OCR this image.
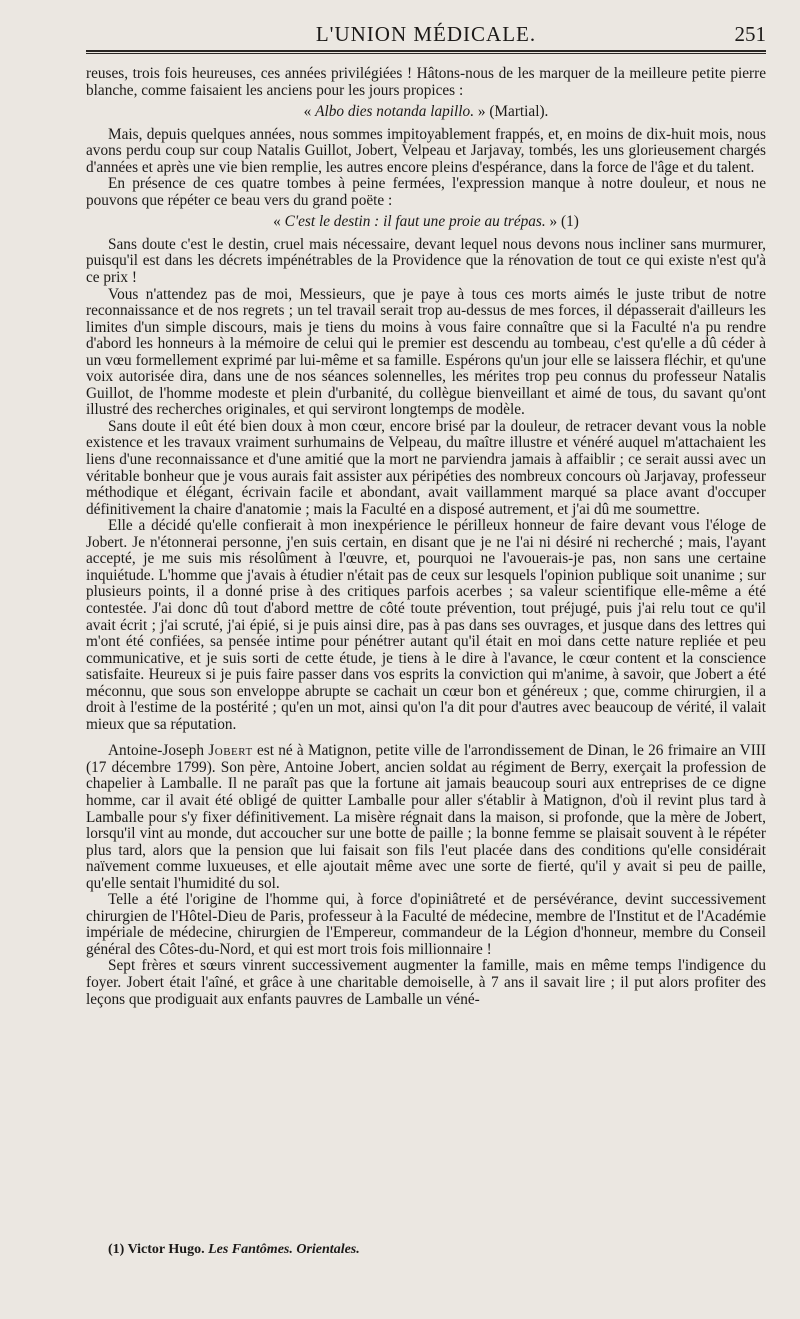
L'UNION MÉDICALE.	251

reuses, trois fois heureuses, ces années privilégiées ! Hâtons-nous de les marquer de la meilleure petite pierre blanche, comme faisaient les anciens pour les jours propices :

« Albo dies notanda lapillo. » (Martial).

Mais, depuis quelques années, nous sommes impitoyablement frappés, et, en moins de dix-huit mois, nous avons perdu coup sur coup Natalis Guillot, Jobert, Velpeau et Jarjavay, tombés, les uns glorieusement chargés d'années et après une vie bien remplie, les autres encore pleins d'espérance, dans la force de l'âge et du talent.

En présence de ces quatre tombes à peine fermées, l'expression manque à notre douleur, et nous ne pouvons que répéter ce beau vers du grand poëte :

« C'est le destin : il faut une proie au trépas. » (1)

Sans doute c'est le destin, cruel mais nécessaire, devant lequel nous devons nous incliner sans murmurer, puisqu'il est dans les décrets impénétrables de la Providence que la rénovation de tout ce qui existe n'est qu'à ce prix !

Vous n'attendez pas de moi, Messieurs, que je paye à tous ces morts aimés le juste tribut de notre reconnaissance et de nos regrets ; un tel travail serait trop au-dessus de mes forces, il dépasserait d'ailleurs les limites d'un simple discours, mais je tiens du moins à vous faire connaître que si la Faculté n'a pu rendre d'abord les honneurs à la mémoire de celui qui le premier est descendu au tombeau, c'est qu'elle a dû céder à un vœu formellement exprimé par lui-même et sa famille. Espérons qu'un jour elle se laissera fléchir, et qu'une voix autorisée dira, dans une de nos séances solennelles, les mérites trop peu connus du professeur Natalis Guillot, de l'homme modeste et plein d'urbanité, du collègue bienveillant et aimé de tous, du savant qu'ont illustré des recherches originales, et qui serviront longtemps de modèle.

Sans doute il eût été bien doux à mon cœur, encore brisé par la douleur, de retracer devant vous la noble existence et les travaux vraiment surhumains de Velpeau, du maître illustre et vénéré auquel m'attachaient les liens d'une reconnaissance et d'une amitié que la mort ne parviendra jamais à affaiblir ; ce serait aussi avec un véritable bonheur que je vous aurais fait assister aux péripéties des nombreux concours où Jarjavay, professeur méthodique et élégant, écrivain facile et abondant, avait vaillamment marqué sa place avant d'occuper définitivement la chaire d'anatomie ; mais la Faculté en a disposé autrement, et j'ai dû me soumettre.

Elle a décidé qu'elle confierait à mon inexpérience le périlleux honneur de faire devant vous l'éloge de Jobert. Je n'étonnerai personne, j'en suis certain, en disant que je ne l'ai ni désiré ni recherché ; mais, l'ayant accepté, je me suis mis résolûment à l'œuvre, et, pourquoi ne l'avouerais-je pas, non sans une certaine inquiétude. L'homme que j'avais à étudier n'était pas de ceux sur lesquels l'opinion publique soit unanime ; sur plusieurs points, il a donné prise à des critiques parfois acerbes ; sa valeur scientifique elle-même a été contestée. J'ai donc dû tout d'abord mettre de côté toute prévention, tout préjugé, puis j'ai relu tout ce qu'il avait écrit ; j'ai scruté, j'ai épié, si je puis ainsi dire, pas à pas dans ses ouvrages, et jusque dans des lettres qui m'ont été confiées, sa pensée intime pour pénétrer autant qu'il était en moi dans cette nature repliée et peu communicative, et je suis sorti de cette étude, je tiens à le dire à l'avance, le cœur content et la conscience satisfaite. Heureux si je puis faire passer dans vos esprits la conviction qui m'anime, à savoir, que Jobert a été méconnu, que sous son enveloppe abrupte se cachait un cœur bon et généreux ; que, comme chirurgien, il a droit à l'estime de la postérité ; qu'en un mot, ainsi qu'on l'a dit pour d'autres avec beaucoup de vérité, il valait mieux que sa réputation.

Antoine-Joseph Jobert est né à Matignon, petite ville de l'arrondissement de Dinan, le 26 frimaire an VIII (17 décembre 1799). Son père, Antoine Jobert, ancien soldat au régiment de Berry, exerçait la profession de chapelier à Lamballe. Il ne paraît pas que la fortune ait jamais beaucoup souri aux entreprises de ce digne homme, car il avait été obligé de quitter Lamballe pour aller s'établir à Matignon, d'où il revint plus tard à Lamballe pour s'y fixer définitivement. La misère régnait dans la maison, si profonde, que la mère de Jobert, lorsqu'il vint au monde, dut accoucher sur une botte de paille ; la bonne femme se plaisait souvent à le répéter plus tard, alors que la pension que lui faisait son fils l'eut placée dans des conditions qu'elle considérait naïvement comme luxueuses, et elle ajoutait même avec une sorte de fierté, qu'il y avait si peu de paille, qu'elle sentait l'humidité du sol.

Telle a été l'origine de l'homme qui, à force d'opiniâtreté et de persévérance, devint successivement chirurgien de l'Hôtel-Dieu de Paris, professeur à la Faculté de médecine, membre de l'Institut et de l'Académie impériale de médecine, chirurgien de l'Empereur, commandeur de la Légion d'honneur, membre du Conseil général des Côtes-du-Nord, et qui est mort trois fois millionnaire !

Sept frères et sœurs vinrent successivement augmenter la famille, mais en même temps l'indigence du foyer. Jobert était l'aîné, et grâce à une charitable demoiselle, à 7 ans il savait lire ; il put alors profiter des leçons que prodiguait aux enfants pauvres de Lamballe un véné-

(1) Victor Hugo. Les Fantômes. Orientales.
